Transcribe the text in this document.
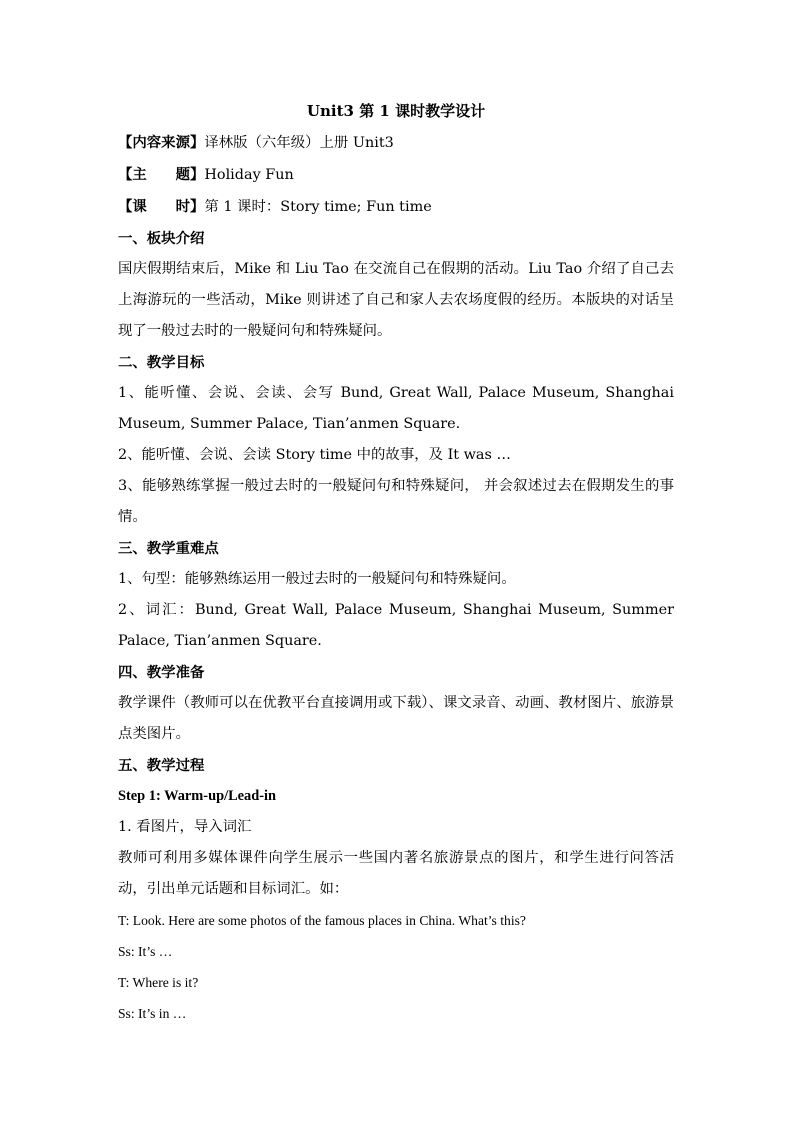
Unit3 第 1 课时教学设计

【内容来源】译林版（六年级）上册 Unit3

【主　　题】Holiday Fun

【课　　时】第 1 课时：Story time; Fun time

一、板块介绍

国庆假期结束后，Mike 和 Liu Tao 在交流自己在假期的活动。Liu Tao 介绍了自己去上海游玩的一些活动，Mike 则讲述了自己和家人去农场度假的经历。本版块的对话呈现了一般过去时的一般疑问句和特殊疑问。

二、教学目标

1、能听懂、会说、会读、会写 Bund, Great Wall, Palace Museum, Shanghai Museum, Summer Palace, Tian’anmen Square.

2、能听懂、会说、会读 Story time 中的故事，及 It was …

3、能够熟练掌握一般过去时的一般疑问句和特殊疑问， 并会叙述过去在假期发生的事情。

三、教学重难点

1、句型：能够熟练运用一般过去时的一般疑问句和特殊疑问。

2、词汇：Bund, Great Wall, Palace Museum, Shanghai Museum, Summer Palace, Tian’anmen Square.

四、教学准备

教学课件（教师可以在优教平台直接调用或下载）、课文录音、动画、教材图片、旅游景点类图片。

五、教学过程

Step 1: Warm-up/Lead-in

1. 看图片，导入词汇

教师可利用多媒体课件向学生展示一些国内著名旅游景点的图片，和学生进行问答活动，引出单元话题和目标词汇。如：

T: Look. Here are some photos of the famous places in China. What’s this?

Ss: It’s …

T: Where is it?

Ss: It’s in …
